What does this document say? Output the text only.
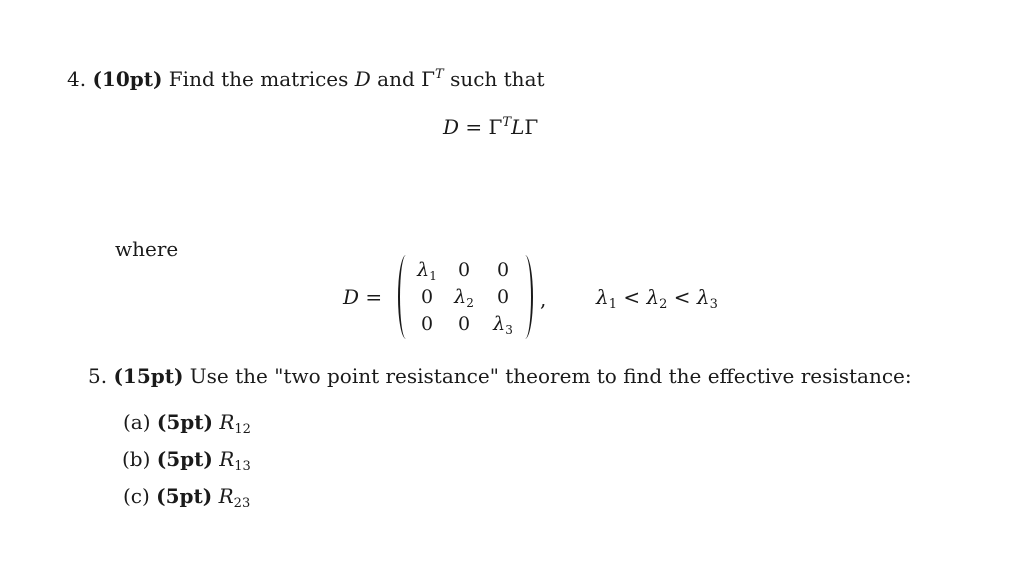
4. (10pt) Find the matrices D and $\Gamma^T$ such that
$D = \Gamma^TL\Gamma$
where
D =
$\lambda_1$	0	0
0	$\lambda_2$	0
0	0	$\lambda_3$
, $\lambda_1 < \lambda_2 < \lambda_3$
5. (15pt) Use the "two point resistance" theorem to find the effective resistance:
(a) (5pt) $R_{12}$
(b) (5pt) $R_{13}$
(c) (5pt) $R_{23}$
